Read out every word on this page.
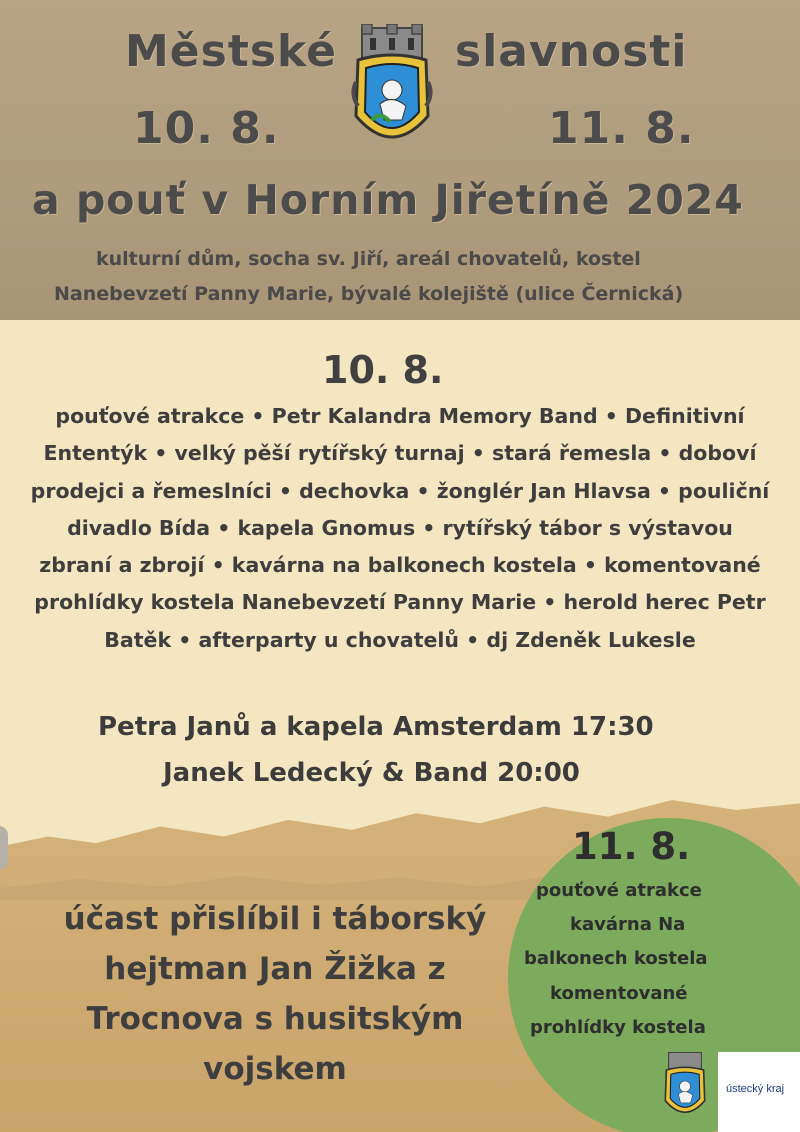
Městské	slavnosti

10. 8.	11. 8.

a pouť v Horním Jiřetíně 2024

kulturní dům, socha sv. Jiří, areál chovatelů, kostel

Nanebevzetí Panny Marie, bývalé kolejiště (ulice Černická)

10. 8.

pouťové atrakce • Petr Kalandra Memory Band • Definitivní Ententýk • velký pěší rytířský turnaj • stará řemesla • doboví prodejci a řemeslníci • dechovka • žonglér Jan Hlavsa • pouliční divadlo Bída • kapela Gnomus • rytířský tábor s výstavou zbraní a zbrojí • kavárna na balkonech kostela • komentované prohlídky kostela Nanebevzetí Panny Marie • herold herec Petr Batěk • afterparty u chovatelů • dj Zdeněk Lukesle

Petra Janů a kapela Amsterdam 17:30

Janek Ledecký & Band 20:00

11. 8.

pouťové atrakce

kavárna Na

balkonech kostela

komentované

prohlídky kostela

účast přislíbil i táborský hejtman Jan Žižka z Trocnova s husitským vojskem

ústecký kraj
